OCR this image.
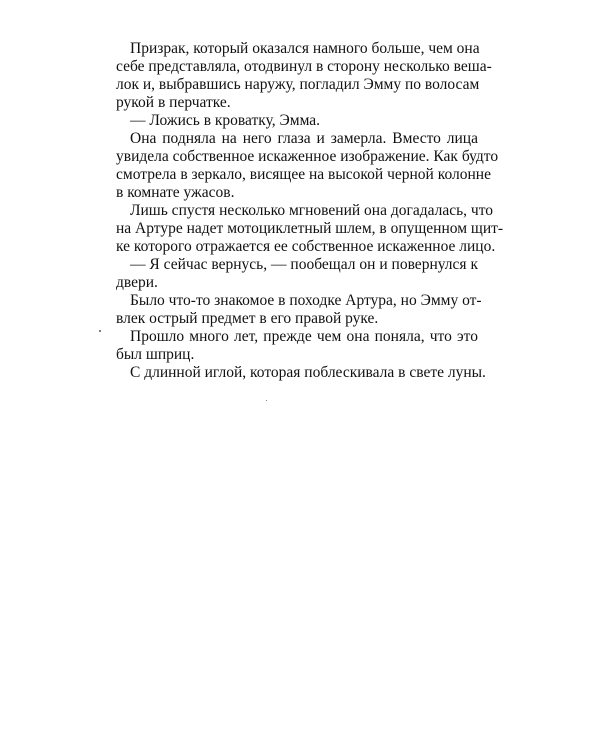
Призрак, который оказался намного больше, чем она
себе представляла, отодвинул в сторону несколько веша-
лок и, выбравшись наружу, погладил Эмму по волосам
рукой в перчатке.
— Ложись в кроватку, Эмма.
Она подняла на него глаза и замерла. Вместо лица
увидела собственное искаженное изображение. Как будто
смотрела в зеркало, висящее на высокой черной колонне
в комнате ужасов.
Лишь спустя несколько мгновений она догадалась, что
на Артуре надет мотоциклетный шлем, в опущенном щит-
ке которого отражается ее собственное искаженное лицо.
— Я сейчас вернусь, — пообещал он и повернулся к
двери.
Было что-то знакомое в походке Артура, но Эмму от-
влек острый предмет в его правой руке.
Прошло много лет, прежде чем она поняла, что это
был шприц.
С длинной иглой, которая поблескивала в свете луны.
